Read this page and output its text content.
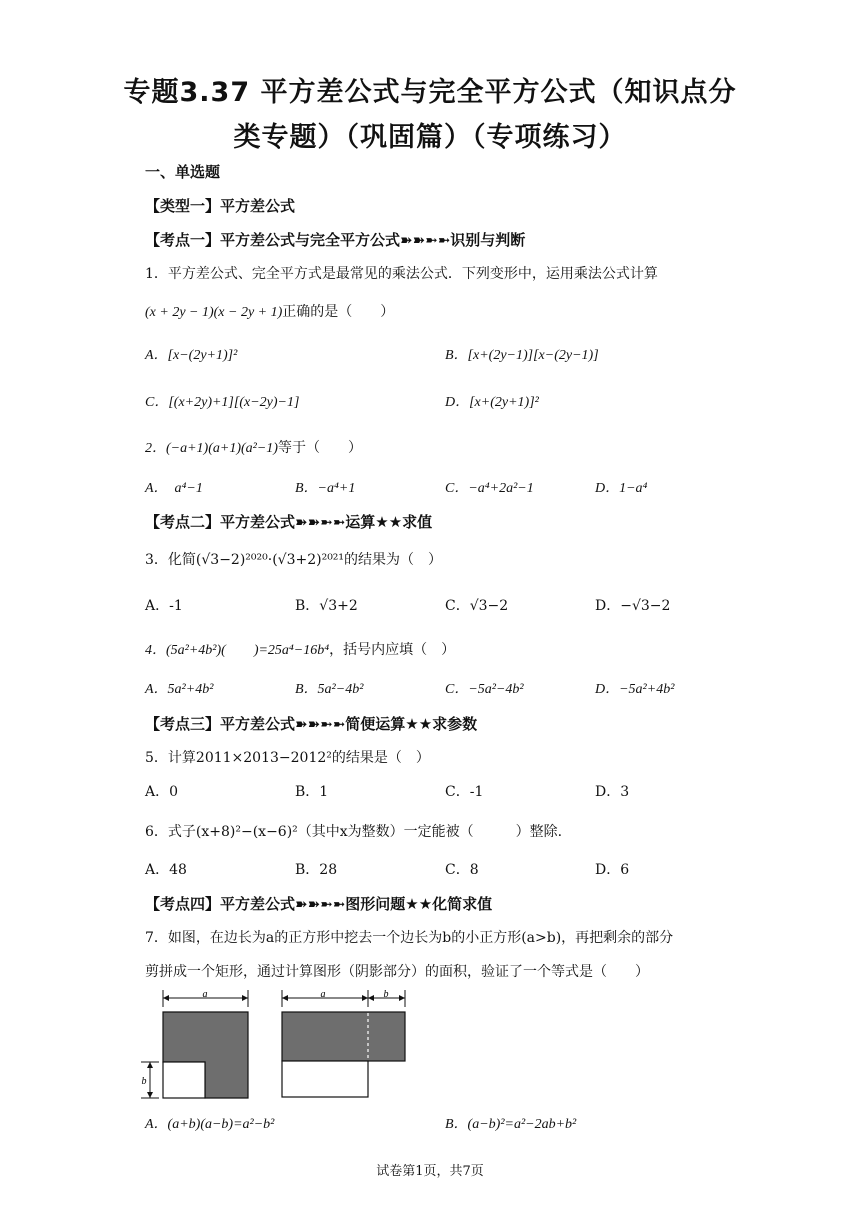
专题3.37 平方差公式与完全平方公式（知识点分
类专题）（巩固篇）（专项练习）
一、单选题
【类型一】平方差公式
【考点一】平方差公式与完全平方公式➽➽➼➼识别与判断
1．平方差公式、完全平方式是最常见的乘法公式．下列变形中，运用乘法公式计算
(x + 2y − 1)(x − 2y + 1)正确的是（　　）
A．[x−(2y+1)]²	B．[x+(2y−1)][x−(2y−1)]
C．[(x+2y)+1][(x−2y)−1]	D．[x+(2y+1)]²
2．(−a+1)(a+1)(a²−1)等于（　　）
A．　a⁴−1	B．−a⁴+1	C．−a⁴+2a²−1	D．1−a⁴
【考点二】平方差公式➽➽➼➼运算★★求值
3．化简(√3−2)²⁰²⁰·(√3+2)²⁰²¹的结果为（　）
A．-1	B．√3+2	C．√3−2	D．−√3−2
4．(5a²+4b²)(　　)=25a⁴−16b⁴，括号内应填（　）
A．5a²+4b²	B．5a²−4b²	C．−5a²−4b²	D．−5a²+4b²
【考点三】平方差公式➽➽➼➼简便运算★★求参数
5．计算2011×2013−2012²的结果是（　）
A．0	B．1	C．-1	D．3
6．式子(x+8)²−(x−6)²（其中x为整数）一定能被（　　　）整除.
A．48	B．28	C．8	D．6
【考点四】平方差公式➽➽➼➼图形问题★★化简求值
7．如图，在边长为a的正方形中挖去一个边长为b的小正方形(a>b)，再把剩余的部分
剪拼成一个矩形，通过计算图形（阴影部分）的面积，验证了一个等式是（　　）
a
b
a	b
A．(a+b)(a−b)=a²−b²	B．(a−b)²=a²−2ab+b²
试卷第1页，共7页
